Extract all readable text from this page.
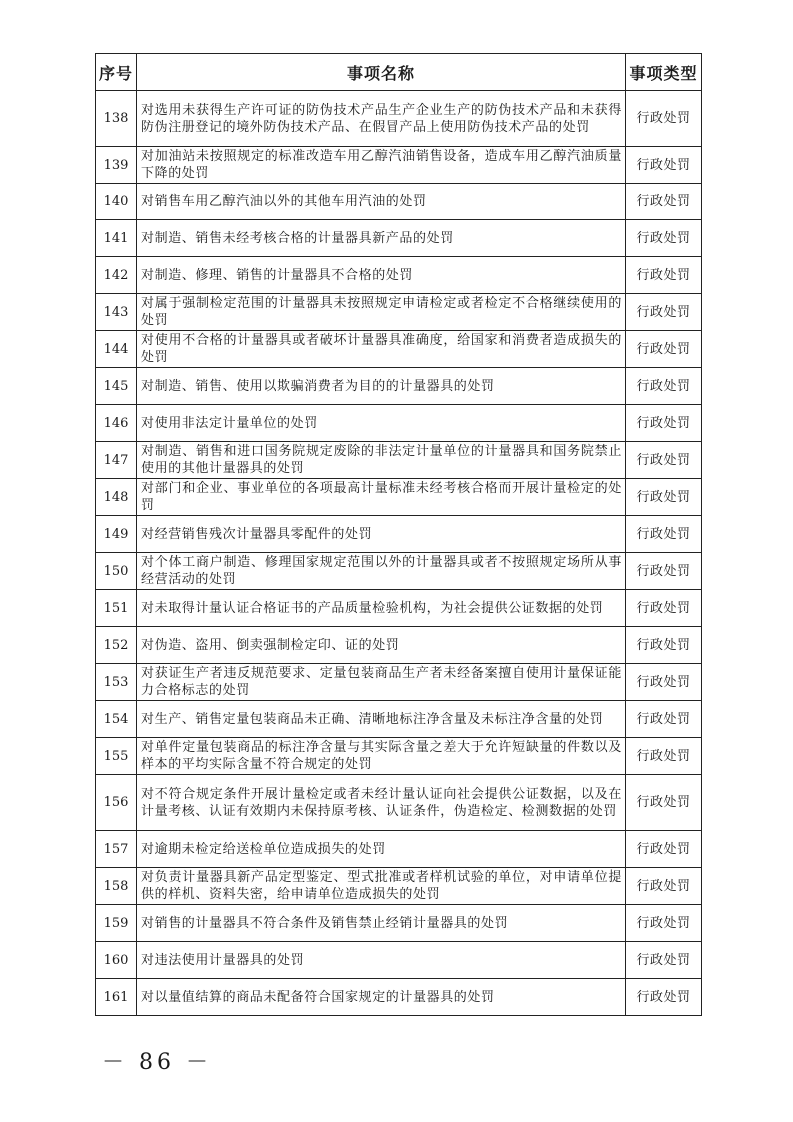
序号	事项名称	事项类型
138	对选用未获得生产许可证的防伪技术产品生产企业生产的防伪技术产品和未获得防伪注册登记的境外防伪技术产品、在假冒产品上使用防伪技术产品的处罚	行政处罚
139	对加油站未按照规定的标准改造车用乙醇汽油销售设备，造成车用乙醇汽油质量下降的处罚	行政处罚
140	对销售车用乙醇汽油以外的其他车用汽油的处罚	行政处罚
141	对制造、销售未经考核合格的计量器具新产品的处罚	行政处罚
142	对制造、修理、销售的计量器具不合格的处罚	行政处罚
143	对属于强制检定范围的计量器具未按照规定申请检定或者检定不合格继续使用的处罚	行政处罚
144	对使用不合格的计量器具或者破坏计量器具准确度，给国家和消费者造成损失的处罚	行政处罚
145	对制造、销售、使用以欺骗消费者为目的的计量器具的处罚	行政处罚
146	对使用非法定计量单位的处罚	行政处罚
147	对制造、销售和进口国务院规定废除的非法定计量单位的计量器具和国务院禁止使用的其他计量器具的处罚	行政处罚
148	对部门和企业、事业单位的各项最高计量标准未经考核合格而开展计量检定的处罚	行政处罚
149	对经营销售残次计量器具零配件的处罚	行政处罚
150	对个体工商户制造、修理国家规定范围以外的计量器具或者不按照规定场所从事经营活动的处罚	行政处罚
151	对未取得计量认证合格证书的产品质量检验机构，为社会提供公证数据的处罚	行政处罚
152	对伪造、盗用、倒卖强制检定印、证的处罚	行政处罚
153	对获证生产者违反规范要求、定量包装商品生产者未经备案擅自使用计量保证能力合格标志的处罚	行政处罚
154	对生产、销售定量包装商品未正确、清晰地标注净含量及未标注净含量的处罚	行政处罚
155	对单件定量包装商品的标注净含量与其实际含量之差大于允许短缺量的件数以及样本的平均实际含量不符合规定的处罚	行政处罚
156	对不符合规定条件开展计量检定或者未经计量认证向社会提供公证数据，以及在计量考核、认证有效期内未保持原考核、认证条件，伪造检定、检测数据的处罚	行政处罚
157	对逾期未检定给送检单位造成损失的处罚	行政处罚
158	对负责计量器具新产品定型鉴定、型式批准或者样机试验的单位，对申请单位提供的样机、资料失密，给申请单位造成损失的处罚	行政处罚
159	对销售的计量器具不符合条件及销售禁止经销计量器具的处罚	行政处罚
160	对违法使用计量器具的处罚	行政处罚
161	对以量值结算的商品未配备符合国家规定的计量器具的处罚	行政处罚
－ 86 －
